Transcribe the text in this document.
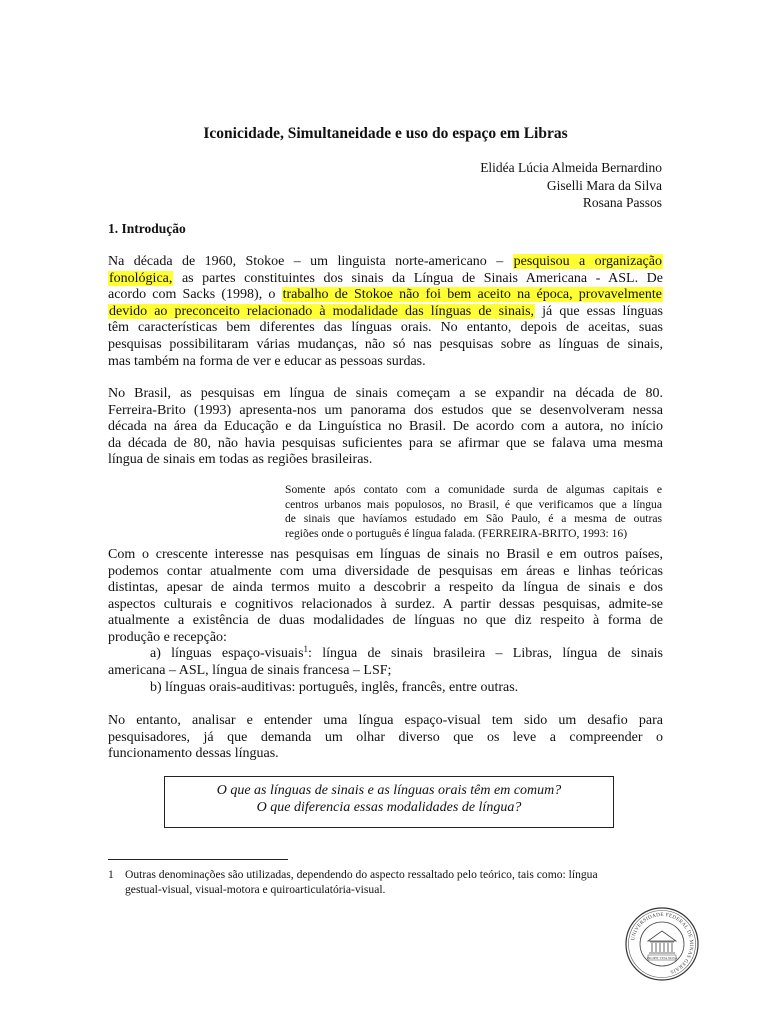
Iconicidade, Simultaneidade e uso do espaço em Libras
Elidéa Lúcia Almeida Bernardino
Giselli Mara da Silva
Rosana Passos
1. Introdução
Na década de 1960, Stokoe – um linguista norte-americano – pesquisou a organização
fonológica, as partes constituintes dos sinais da Língua de Sinais Americana - ASL. De
acordo com Sacks (1998), o trabalho de Stokoe não foi bem aceito na época, provavelmente
devido ao preconceito relacionado à modalidade das línguas de sinais, já que essas línguas
têm características bem diferentes das línguas orais. No entanto, depois de aceitas, suas
pesquisas possibilitaram várias mudanças, não só nas pesquisas sobre as línguas de sinais,
mas também na forma de ver e educar as pessoas surdas.
No Brasil, as pesquisas em língua de sinais começam a se expandir na década de 80.
Ferreira-Brito (1993) apresenta-nos um panorama dos estudos que se desenvolveram nessa
década na área da Educação e da Linguística no Brasil. De acordo com a autora, no início
da década de 80, não havia pesquisas suficientes para se afirmar que se falava uma mesma
língua de sinais em todas as regiões brasileiras.
Somente após contato com a comunidade surda de algumas capitais e
centros urbanos mais populosos, no Brasil, é que verificamos que a língua
de sinais que havíamos estudado em São Paulo, é a mesma de outras
regiões onde o português é língua falada. (FERREIRA-BRITO, 1993: 16)
Com o crescente interesse nas pesquisas em línguas de sinais no Brasil e em outros países,
podemos contar atualmente com uma diversidade de pesquisas em áreas e linhas teóricas
distintas, apesar de ainda termos muito a descobrir a respeito da língua de sinais e dos
aspectos culturais e cognitivos relacionados à surdez. A partir dessas pesquisas, admite-se
atualmente a existência de duas modalidades de línguas no que diz respeito à forma de
produção e recepção:
a) línguas espaço-visuais$^1$: língua de sinais brasileira – Libras, língua de sinais
americana – ASL, língua de sinais francesa – LSF;
b) línguas orais-auditivas: português, inglês, francês, entre outras.
No entanto, analisar e entender uma língua espaço-visual tem sido um desafio para
pesquisadores, já que demanda um olhar diverso que os leve a compreender o
funcionamento dessas línguas.
O que as línguas de sinais e as línguas orais têm em comum?
O que diferencia essas modalidades de língua?
1 Outras denominações são utilizadas, dependendo do aspecto ressaltado pelo teórico, tais como: língua
gestual-visual, visual-motora e quiroarticulatória-visual.
UNIVERSIDADE FEDERAL DE MINAS GERAIS
INCIPIT VITA NOVA
